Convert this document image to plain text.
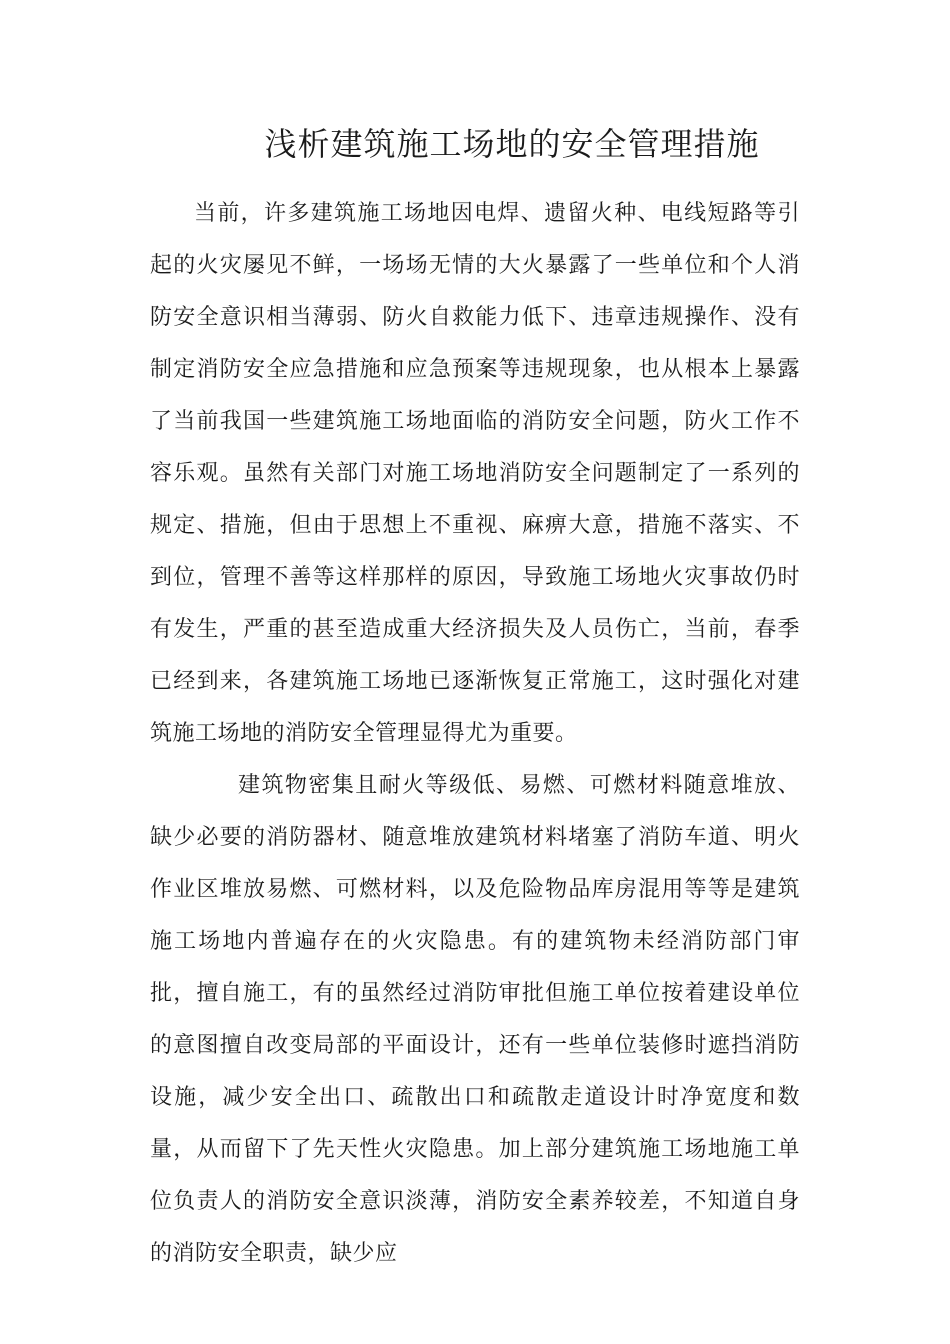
浅析建筑施工场地的安全管理措施

当前，许多建筑施工场地因电焊、遗留火种、电线短路等引起的火灾屡见不鲜，一场场无情的大火暴露了一些单位和个人消防安全意识相当薄弱、防火自救能力低下、违章违规操作、没有制定消防安全应急措施和应急预案等违规现象，也从根本上暴露了当前我国一些建筑施工场地面临的消防安全问题，防火工作不容乐观。虽然有关部门对施工场地消防安全问题制定了一系列的规定、措施，但由于思想上不重视、麻痹大意，措施不落实、不到位，管理不善等这样那样的原因，导致施工场地火灾事故仍时有发生，严重的甚至造成重大经济损失及人员伤亡，当前，春季已经到来，各建筑施工场地已逐渐恢复正常施工，这时强化对建筑施工场地的消防安全管理显得尤为重要。

建筑物密集且耐火等级低、易燃、可燃材料随意堆放、缺少必要的消防器材、随意堆放建筑材料堵塞了消防车道、明火作业区堆放易燃、可燃材料，以及危险物品库房混用等等是建筑施工场地内普遍存在的火灾隐患。有的建筑物未经消防部门审批，擅自施工，有的虽然经过消防审批但施工单位按着建设单位的意图擅自改变局部的平面设计，还有一些单位装修时遮挡消防设施，减少安全出口、疏散出口和疏散走道设计时净宽度和数量，从而留下了先天性火灾隐患。加上部分建筑施工场地施工单位负责人的消防安全意识淡薄，消防安全素养较差，不知道自身的消防安全职责，缺少应
